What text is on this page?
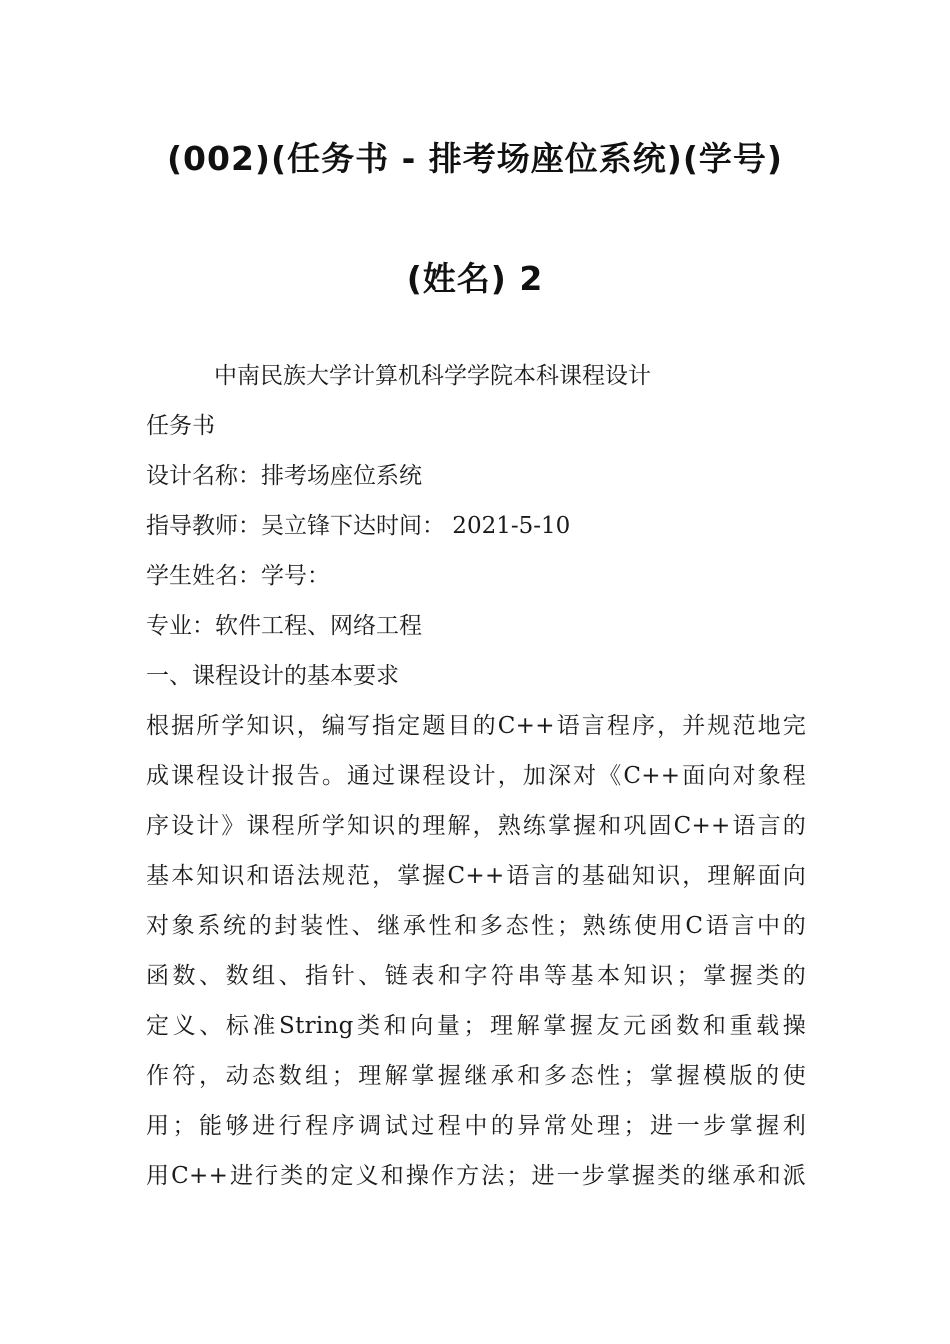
(002)(任务书 - 排考场座位系统)(学号)
(姓名) 2
中南民族大学计算机科学学院本科课程设计
任务书
设计名称：排考场座位系统
指导教师：吴立锋下达时间： 2021-5-10
学生姓名：学号：
专业：软件工程、网络工程
一、课程设计的基本要求
根据所学知识，编写指定题目的C++语言程序，并规范地完
成课程设计报告。通过课程设计，加深对《C++面向对象程
序设计》课程所学知识的理解，熟练掌握和巩固C++语言的
基本知识和语法规范，掌握C++语言的基础知识，理解面向
对象系统的封装性、继承性和多态性；熟练使用C语言中的
函数、数组、指针、链表和字符串等基本知识；掌握类的
定义、标准String类和向量；理解掌握友元函数和重载操
作符，动态数组；理解掌握继承和多态性；掌握模版的使
用；能够进行程序调试过程中的异常处理；进一步掌握利
用C++进行类的定义和操作方法；进一步掌握类的继承和派
